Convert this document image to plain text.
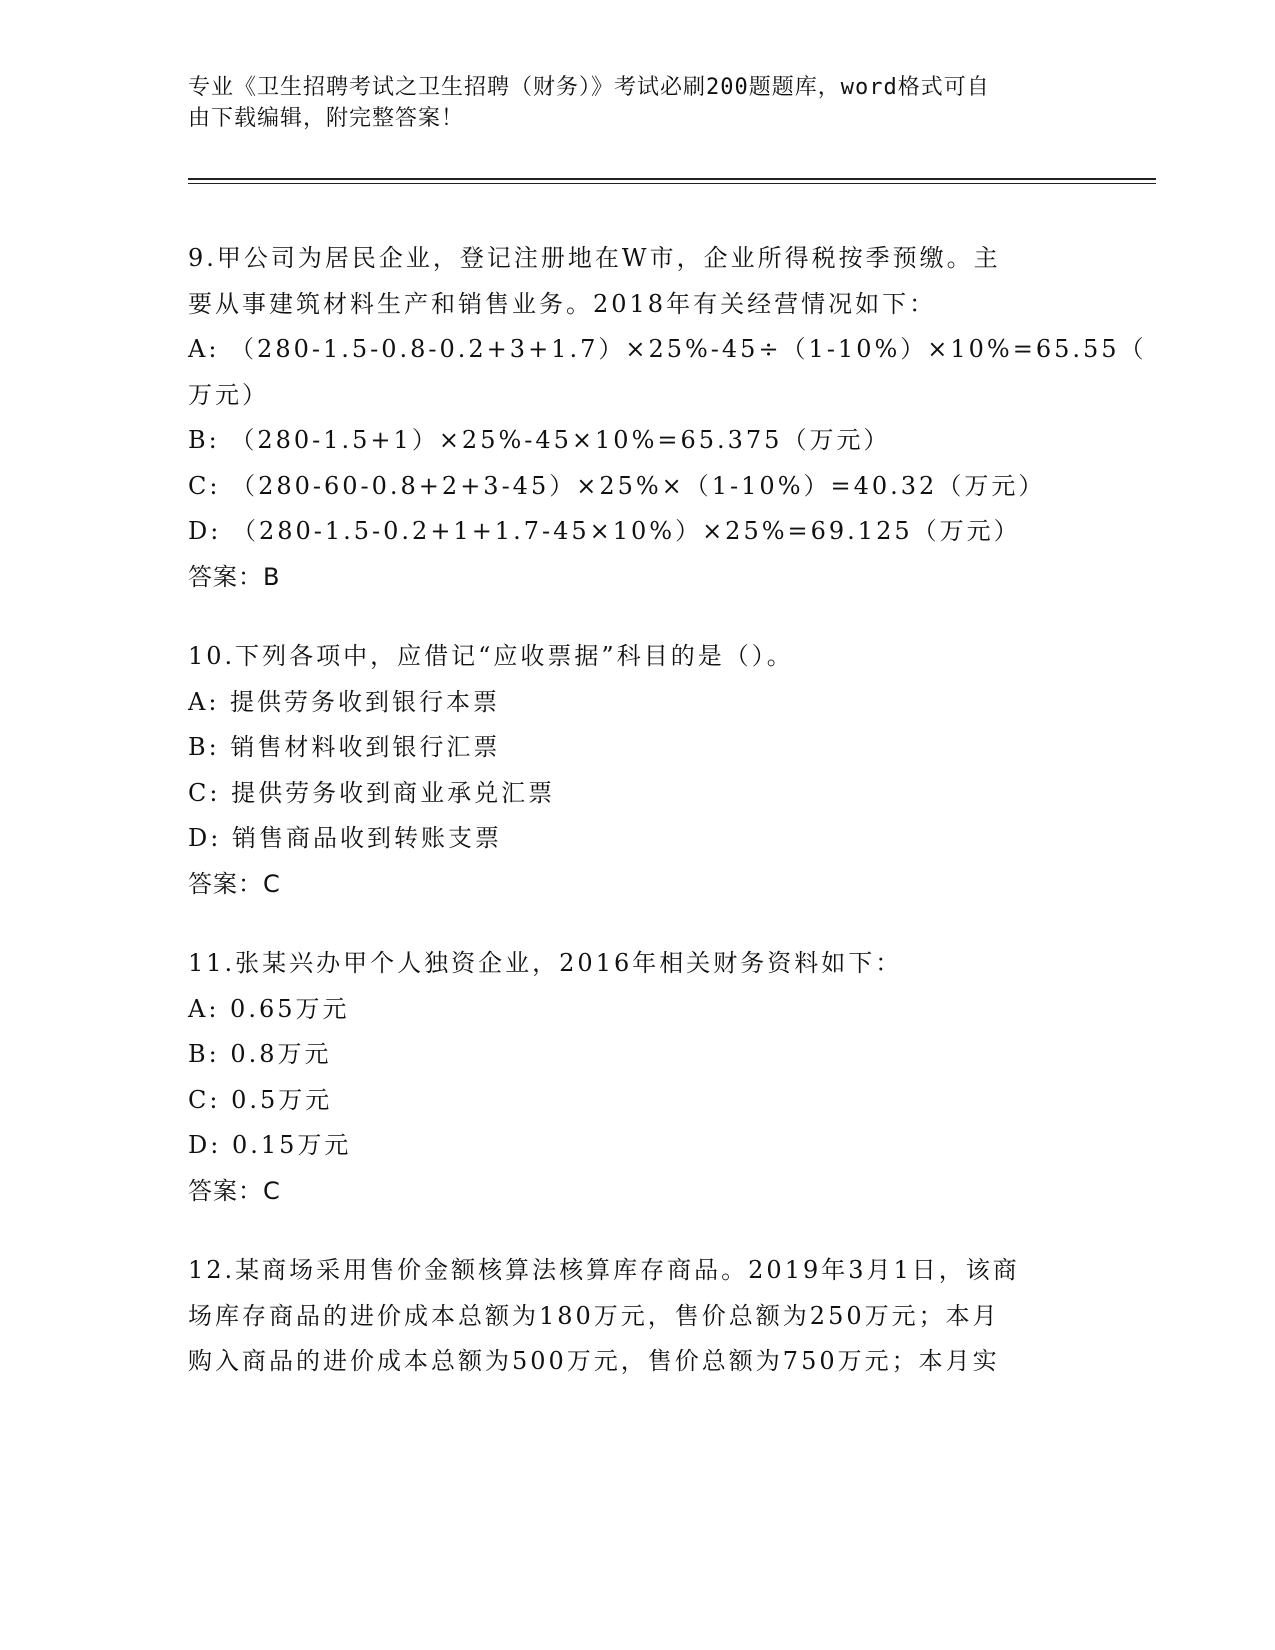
专业《卫生招聘考试之卫生招聘（财务）》考试必刷200题题库，word格式可自

由下载编辑，附完整答案！

9.甲公司为居民企业，登记注册地在W市，企业所得税按季预缴。主
要从事建筑材料生产和销售业务。2018年有关经营情况如下：
A: （280-1.5-0.8-0.2+3+1.7）×25%-45÷（1-10%）×10%=65.55（
万元）
B: （280-1.5+1）×25%-45×10%=65.375（万元）
C: （280-60-0.8+2+3-45）×25%×（1-10%）=40.32（万元）
D: （280-1.5-0.2+1+1.7-45×10%）×25%=69.125（万元）
答案：B
10.下列各项中，应借记“应收票据”科目的是（）。
A: 提供劳务收到银行本票
B: 销售材料收到银行汇票
C: 提供劳务收到商业承兑汇票
D: 销售商品收到转账支票
答案：C
11.张某兴办甲个人独资企业，2016年相关财务资料如下：
A: 0.65万元
B: 0.8万元
C: 0.5万元
D: 0.15万元
答案：C
12.某商场采用售价金额核算法核算库存商品。2019年3月1日，该商
场库存商品的进价成本总额为180万元，售价总额为250万元；本月
购入商品的进价成本总额为500万元，售价总额为750万元；本月实
